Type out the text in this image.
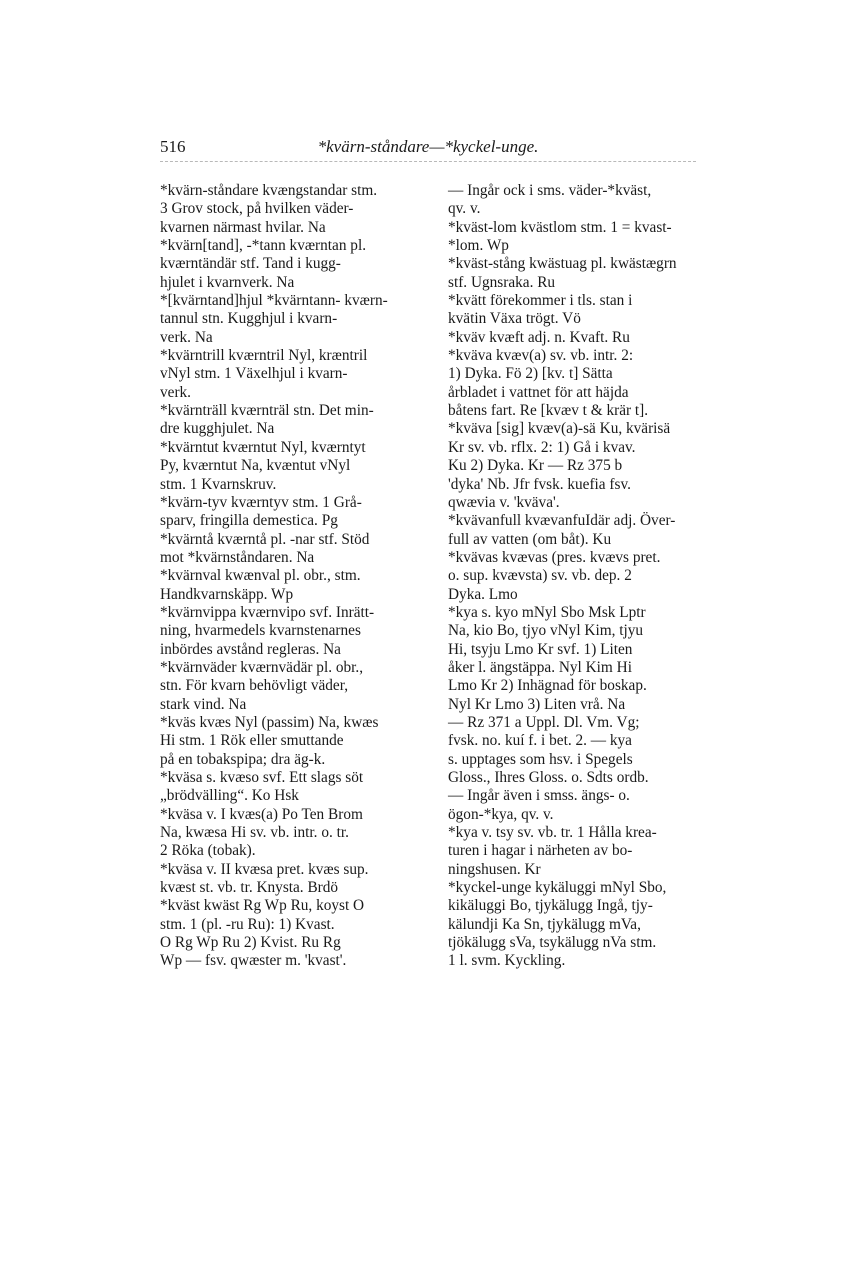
516	*kvärn-ståndare—*kyckel-unge.

*kvärn-ståndare kvængstandar stm.
3 Grov stock, på hvilken väder-
kvarnen närmast hvilar. Na

*kvärn[tand], -*tann kværntan pl.
kværntändär stf. Tand i kugg-
hjulet i kvarnverk. Na

*[kvärntand]hjul *kvärntann- kværn-
tannul stn. Kugghjul i kvarn-
verk. Na

*kvärntrill kværntril Nyl, kræntril
vNyl stm. 1 Växelhjul i kvarn-
verk.

*kvärnträll kværnträl stn. Det min-
dre kugghjulet. Na

*kvärntut kværntut Nyl, kværntyt
Py, kværntut Na, kvæntut vNyl
stm. 1 Kvarnskruv.

*kvärn-tyv kværntyv stm. 1 Grå-
sparv, fringilla demestica. Pg

*kvärntå kværntå pl. -nar stf. Stöd
mot *kvärnståndaren. Na

*kvärnval kwænval pl. obr., stm.
Handkvarnskäpp. Wp

*kvärnvippa kværnvipo svf. Inrätt-
ning, hvarmedels kvarnstenarnes
inbördes avstånd regleras. Na

*kvärnväder kværnvädär pl. obr.,
stn. För kvarn behövligt väder,
stark vind. Na

*kväs kvæs Nyl (passim) Na, kwæs
Hi stm. 1 Rök eller smuttande
på en tobakspipa; dra äg-k.

*kväsa s. kvæso svf. Ett slags söt
„brödvälling“. Ko Hsk

*kväsa v. I kvæs(a) Po Ten Brom
Na, kwæsa Hi sv. vb. intr. o. tr.
2 Röka (tobak).

*kväsa v. II kvæsa pret. kvæs sup.
kvæst st. vb. tr. Knysta. Brdö

*kväst kwäst Rg Wp Ru, koyst O
stm. 1 (pl. -ru Ru): 1) Kvast.
O Rg Wp Ru 2) Kvist. Ru Rg
Wp — fsv. qwæster m. 'kvast'.

— Ingår ock i sms. väder-*kväst,
qv. v.

*kväst-lom kvästlom stm. 1 = kvast-
*lom. Wp

*kväst-stång kwästuag pl. kwästægrn
stf. Ugnsraka. Ru

*kvätt förekommer i tls. stan i
kvätin Växa trögt. Vö

*kväv kvæft adj. n. Kvaft. Ru

*kväva kvæv(a) sv. vb. intr. 2:
1) Dyka. Fö 2) [kv. t] Sätta
årbladet i vattnet för att häjda
båtens fart. Re [kvæv t & krär t].

*kväva [sig] kvæv(a)-sä Ku, kvärisä
Kr sv. vb. rflx. 2: 1) Gå i kvav.
Ku 2) Dyka. Kr — Rz 375 b
'dyka' Nb. Jfr fvsk. kuefia fsv.
qwævia v. 'kväva'.

*kvävanfull kvævanfuIdär adj. Över-
full av vatten (om båt). Ku

*kvävas kvævas (pres. kvævs pret.
o. sup. kvævsta) sv. vb. dep. 2
Dyka. Lmo

*kya s. kyo mNyl Sbo Msk Lptr
Na, kio Bo, tjyo vNyl Kim, tjyu
Hi, tsyju Lmo Kr svf. 1) Liten
åker l. ängstäppa. Nyl Kim Hi
Lmo Kr 2) Inhägnad för boskap.
Nyl Kr Lmo 3) Liten vrå. Na
— Rz 371 a Uppl. Dl. Vm. Vg;
fvsk. no. kuí f. i bet. 2. — kya
s. upptages som hsv. i Spegels
Gloss., Ihres Gloss. o. Sdts ordb.
— Ingår även i smss. ängs- o.
ögon-*kya, qv. v.

*kya v. tsy sv. vb. tr. 1 Hålla krea-
turen i hagar i närheten av bo-
ningshusen. Kr

*kyckel-unge kykäluggi mNyl Sbo,
kikäluggi Bo, tjykälugg Ingå, tjy-
kälundji Ka Sn, tjykälugg mVa,
tjökälugg sVa, tsykälugg nVa stm.
1 l. svm. Kyckling.
